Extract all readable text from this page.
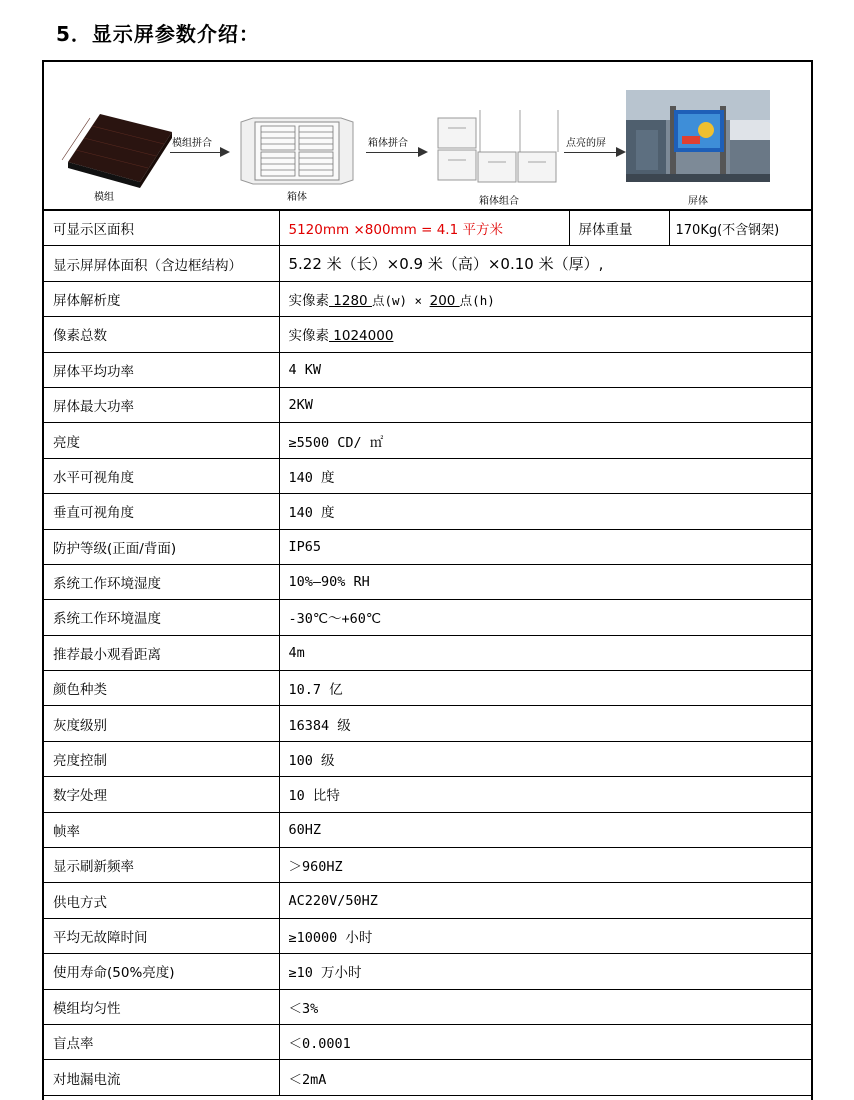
5．显示屏参数介绍：
模组
模组拼合
箱体
箱体拼合
箱体组合
点亮的屏
屏体
可显示区面积	5120mm ×800mm = 4.1 平方米	屏体重量	170Kg(不含钢架)
显示屏屏体面积（含边框结构）	5.22 米（长）×0.9 米（高）×0.10 米（厚）,		
屏体解析度	实像素 1280 点(w) × 200 点(h)		
像素总数	实像素 1024000		
屏体平均功率	4 KW		
屏体最大功率	2KW		
亮度	≥5500 CD/ ㎡		
水平可视角度	140 度		
垂直可视角度	140 度		
防护等级(正面/背面)	IP65		
系统工作环境湿度	10%—90% RH		
系统工作环境温度	-30℃～+60℃		
推荐最小观看距离	4m		
颜色种类	10.7 亿		
灰度级别	16384 级		
亮度控制	100 级		
数字处理	10 比特		
帧率	60HZ		
显示刷新频率	＞960HZ		
供电方式	AC220V/50HZ		
平均无故障时间	≥10000 小时		
使用寿命(50%亮度)	≥10 万小时		
模组均匀性	＜3%		
盲点率	＜0.0001		
对地漏电流	＜2mA		
